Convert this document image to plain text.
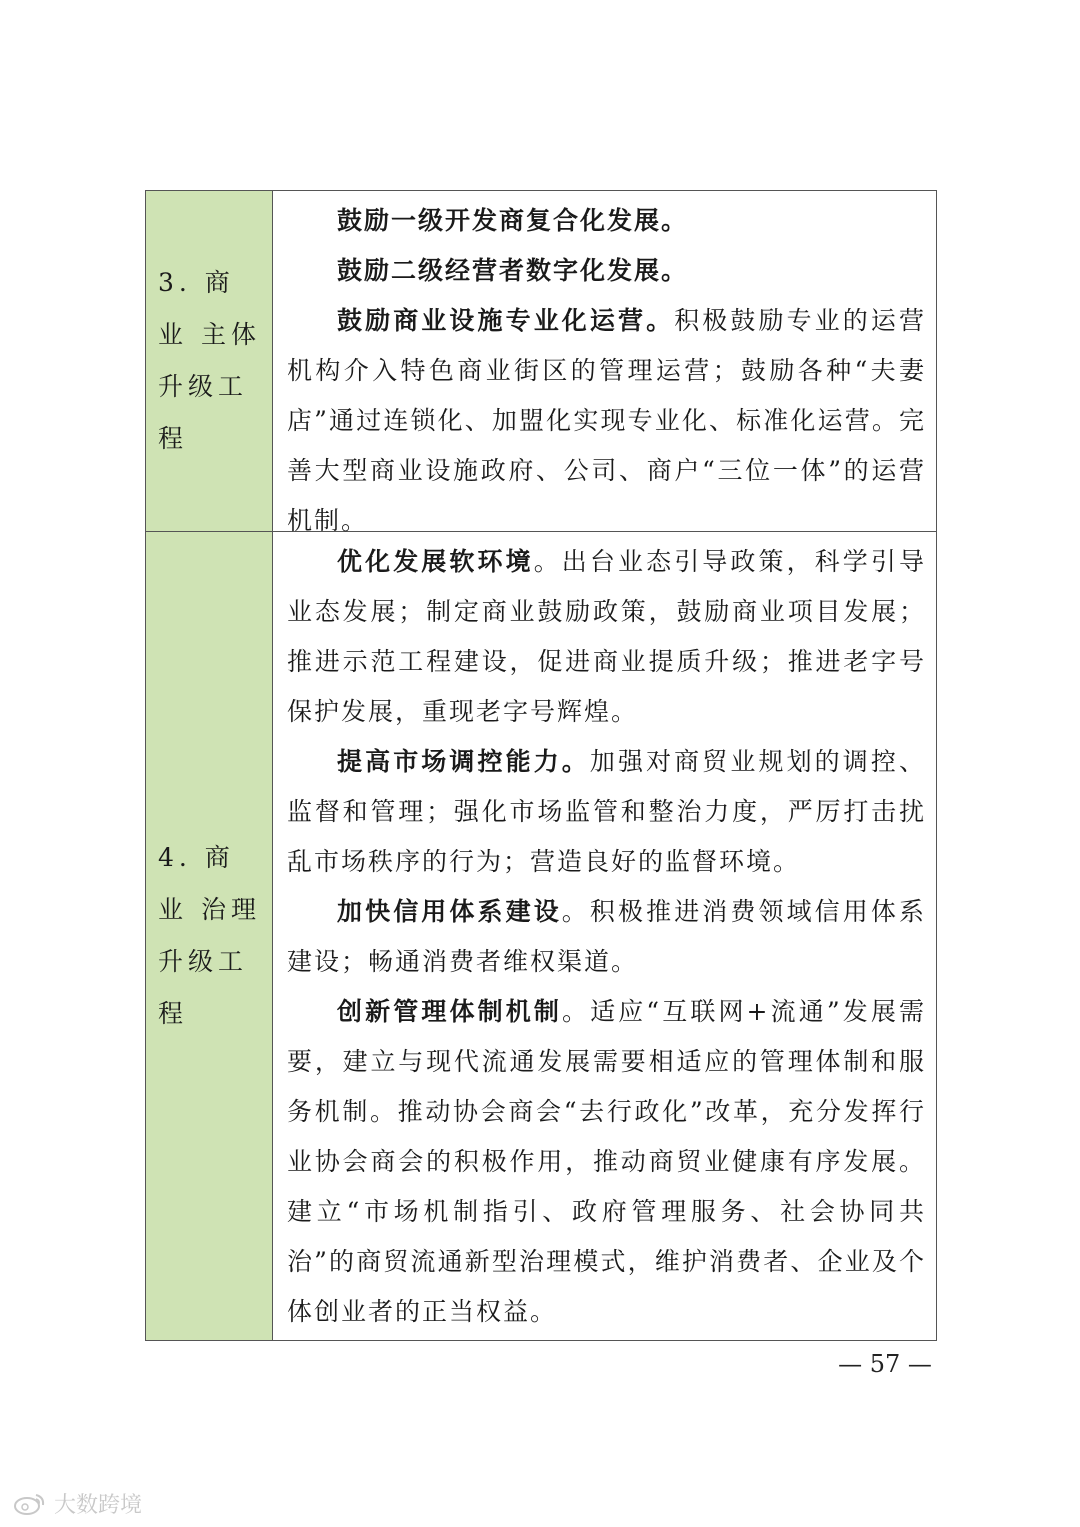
3. 商 业 主体升级工程

鼓励一级开发商复合化发展。

鼓励二级经营者数字化发展。

鼓励商业设施专业化运营。积极鼓励专业的运营机构介入特色商业街区的管理运营；鼓励各种“夫妻店”通过连锁化、加盟化实现专业化、标准化运营。完善大型商业设施政府、公司、商户“三位一体”的运营机制。

4. 商 业 治理升级工程

优化发展软环境。出台业态引导政策，科学引导业态发展；制定商业鼓励政策，鼓励商业项目发展；推进示范工程建设，促进商业提质升级；推进老字号保护发展，重现老字号辉煌。

提高市场调控能力。加强对商贸业规划的调控、监督和管理；强化市场监管和整治力度，严厉打击扰乱市场秩序的行为；营造良好的监督环境。

加快信用体系建设。积极推进消费领域信用体系建设；畅通消费者维权渠道。

创新管理体制机制。适应“互联网+流通”发展需要，建立与现代流通发展需要相适应的管理体制和服务机制。推动协会商会“去行政化”改革，充分发挥行业协会商会的积极作用，推动商贸业健康有序发展。建立“市场机制指引、政府管理服务、社会协同共治”的商贸流通新型治理模式，维护消费者、企业及个体创业者的正当权益。

— 57 —
大数跨境
